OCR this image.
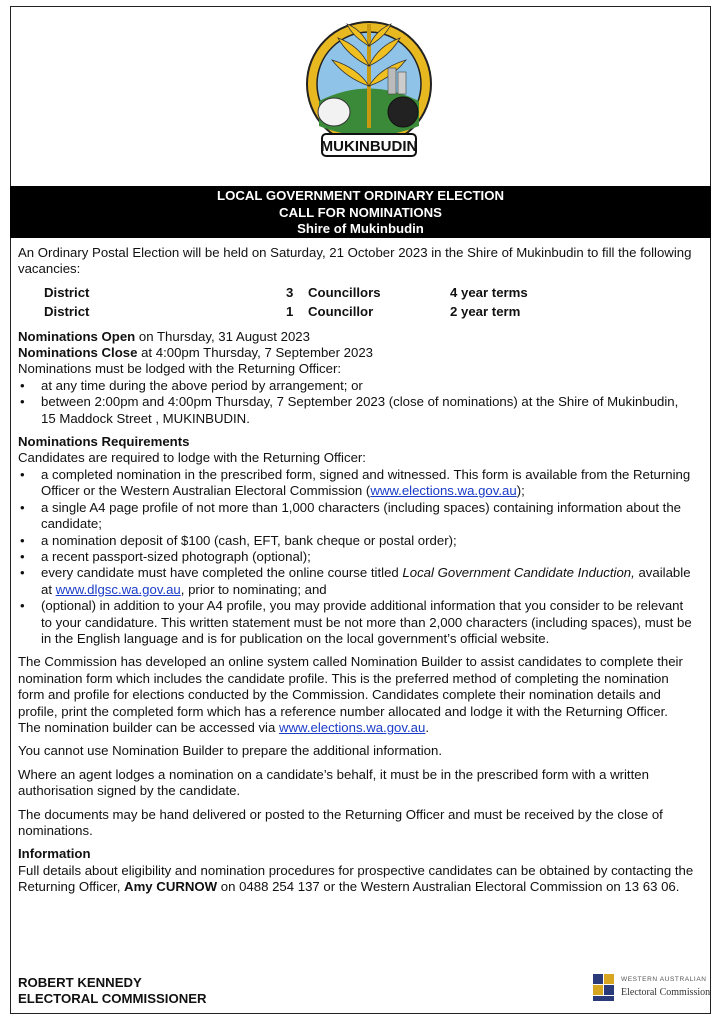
MUKINBUDIN
LOCAL GOVERNMENT ORDINARY ELECTION
CALL FOR NOMINATIONS
Shire of Mukinbudin

An Ordinary Postal Election will be held on Saturday, 21 October 2023 in the Shire of Mukinbudin to fill the following vacancies:

District	3	Councillors	4 year terms
District	1	Councillor	2 year term
Nominations Open on Thursday, 31 August 2023
Nominations Close at 4:00pm Thursday, 7 September 2023
Nominations must be lodged with the Returning Officer:
• at any time during the above period by arrangement; or
• between 2:00pm and 4:00pm Thursday, 7 September 2023 (close of nominations) at the Shire of Mukinbudin, 15 Maddock Street , MUKINBUDIN.
Nominations Requirements
Candidates are required to lodge with the Returning Officer:
• a completed nomination in the prescribed form, signed and witnessed. This form is available from the Returning Officer or the Western Australian Electoral Commission (www.elections.wa.gov.au);
• a single A4 page profile of not more than 1,000 characters (including spaces) containing information about the candidate;
• a nomination deposit of $100 (cash, EFT, bank cheque or postal order);
• a recent passport-sized photograph (optional);
• every candidate must have completed the online course titled Local Government Candidate Induction, available at www.dlgsc.wa.gov.au, prior to nominating; and
• (optional) in addition to your A4 profile, you may provide additional information that you consider to be relevant to your candidature. This written statement must be not more than 2,000 characters (including spaces), must be in the English language and is for publication on the local government’s official website.

The Commission has developed an online system called Nomination Builder to assist candidates to complete their nomination form which includes the candidate profile. This is the preferred method of completing the nomination form and profile for elections conducted by the Commission. Candidates complete their nomination details and profile, print the completed form which has a reference number allocated and lodge it with the Returning Officer. The nomination builder can be accessed via www.elections.wa.gov.au.

You cannot use Nomination Builder to prepare the additional information.

Where an agent lodges a nomination on a candidate’s behalf, it must be in the prescribed form with a written authorisation signed by the candidate.

The documents may be hand delivered or posted to the Returning Officer and must be received by the close of nominations.

Information

Full details about eligibility and nomination procedures for prospective candidates can be obtained by contacting the Returning Officer, Amy CURNOW on 0488 254 137 or the Western Australian Electoral Commission on 13 63 06.

ROBERT KENNEDY
ELECTORAL COMMISSIONER
WESTERN AUSTRALIAN
Electoral Commission
